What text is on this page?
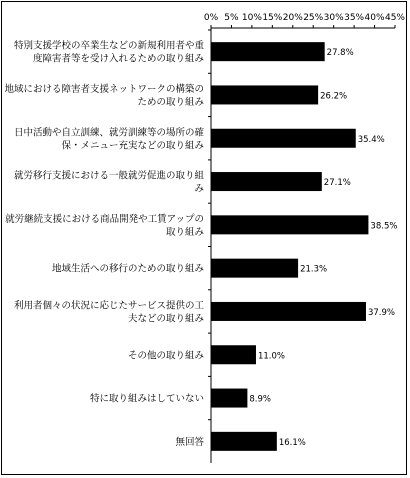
0% 5% 10% 15% 20% 25% 30% 35% 40% 45%
特別支援学校の卒業生などの新規利用者や重
度障害者等を受け入れるための取り組み
27.8%
地域における障害者支援ネットワークの構築の
ための取り組み
26.2%
日中活動や自立訓練、就労訓練等の場所の確
保・メニュー充実などの取り組み
35.4%
就労移行支援における一般就労促進の取り組
み
27.1%
就労継続支援における商品開発や工賃アップの
取り組み
38.5%
地域生活への移行のための取り組み	21.3%
利用者個々の状況に応じたサービス提供の工
夫などの取り組み
37.9%
その他の取り組み	11.0%
特に取り組みはしていない	8.9%
無回答	16.1%
